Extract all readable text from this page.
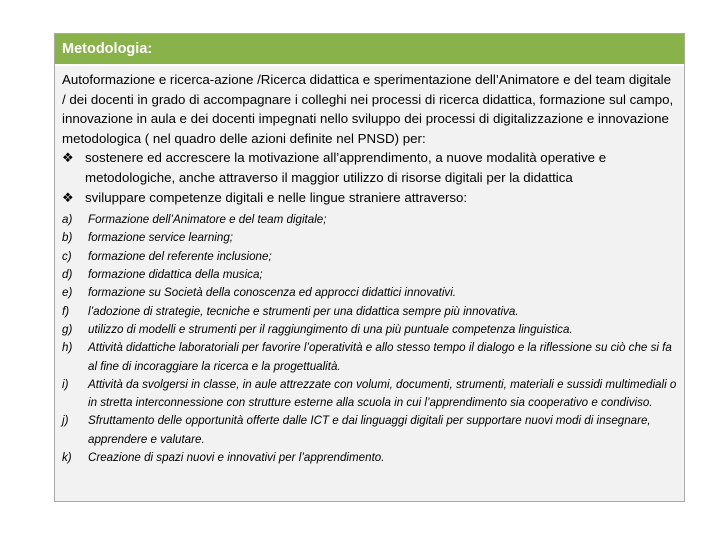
Metodologia:

Autoformazione e ricerca-azione /Ricerca didattica e sperimentazione dell’Animatore e del team digitale / dei docenti in grado di accompagnare i colleghi nei processi di ricerca didattica, formazione sul campo, innovazione in aula e dei docenti impegnati nello sviluppo dei processi di digitalizzazione e innovazione metodologica ( nel quadro delle azioni definite nel PNSD) per:

❖ sostenere ed accrescere la motivazione all’apprendimento, a nuove modalità operative e metodologiche, anche attraverso il maggior utilizzo di risorse digitali per la didattica
❖ sviluppare competenze digitali e nelle lingue straniere attraverso:
a) Formazione dell’Animatore e del team digitale;
b) formazione service learning;
c) formazione del referente inclusione;
d) formazione didattica della musica;
e) formazione su Società della conoscenza ed approcci didattici innovativi.
f) l’adozione di strategie, tecniche e strumenti per una didattica sempre più innovativa.
g) utilizzo di modelli e strumenti per il raggiungimento di una più puntuale competenza linguistica.
h) Attività didattiche laboratoriali per favorire l’operatività e allo stesso tempo il dialogo e la riflessione su ciò che si fa al fine di incoraggiare la ricerca e la progettualità.
i) Attività da svolgersi in classe, in aule attrezzate con volumi, documenti, strumenti, materiali e sussidi multimediali o in stretta interconnessione con strutture esterne alla scuola in cui l’apprendimento sia cooperativo e condiviso.
j) Sfruttamento delle opportunità offerte dalle ICT e dai linguaggi digitali per supportare nuovi modi di insegnare, apprendere e valutare.
k) Creazione di spazi nuovi e innovativi per l’apprendimento.
